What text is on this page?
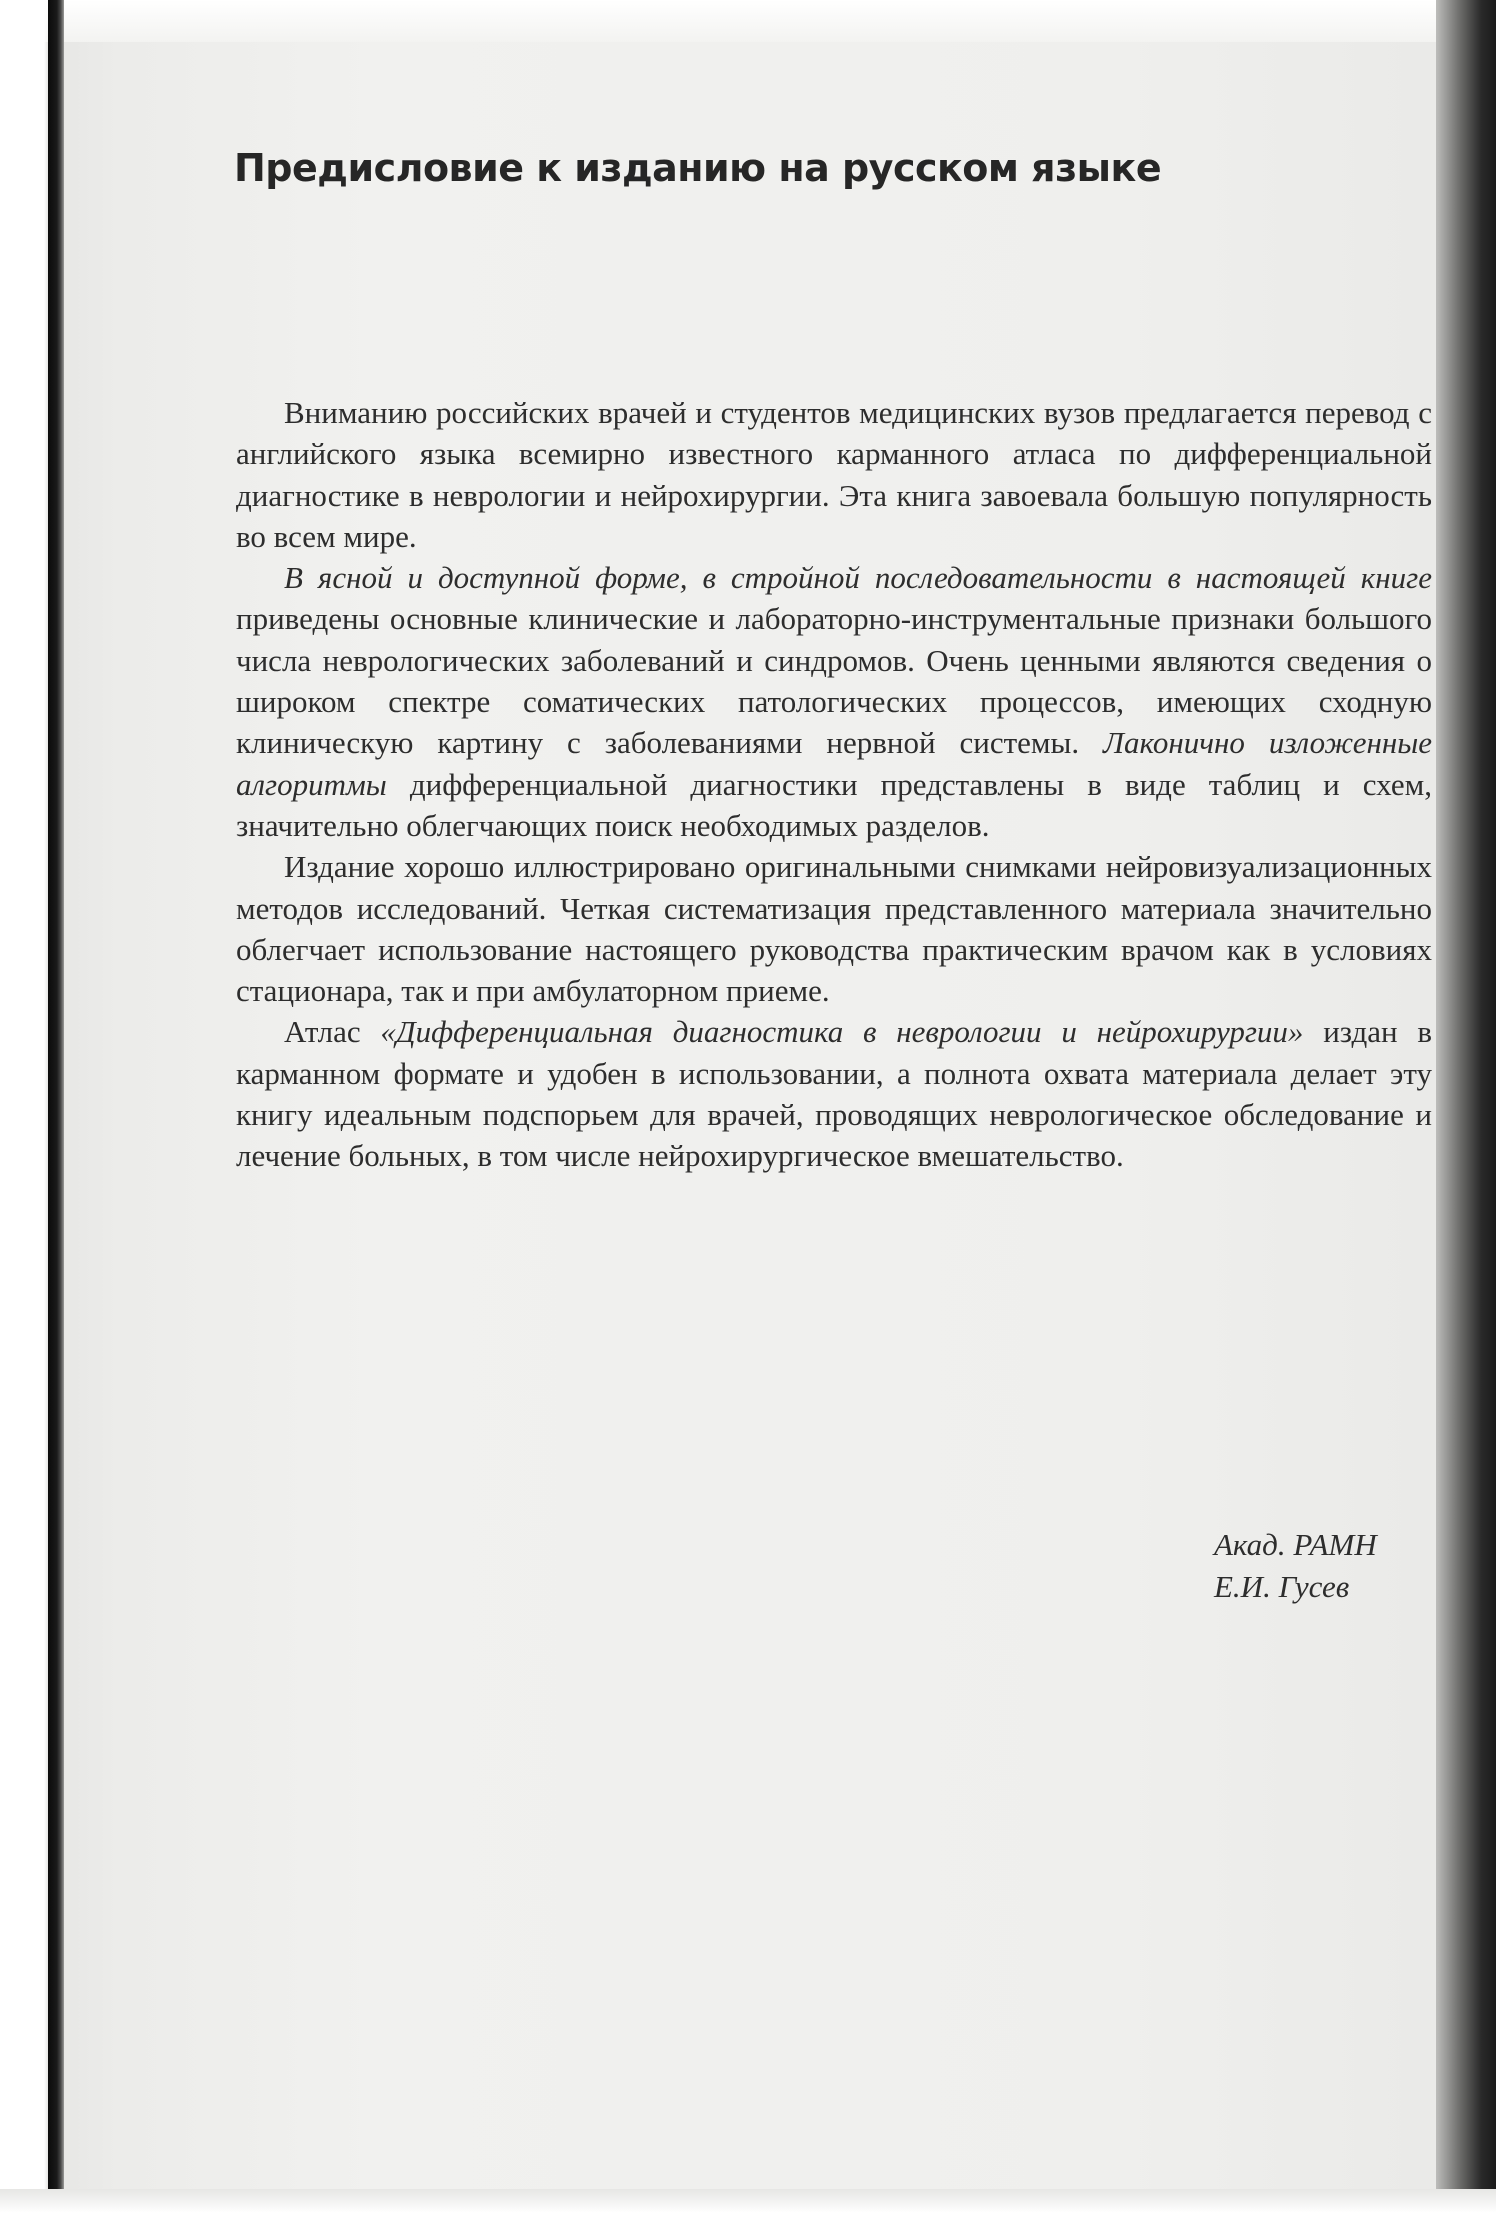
Предисловие к изданию на русском языке

Вниманию российских врачей и студентов медицинских вузов предлагается перевод с английского языка всемирно известного карманного атласа по дифференциальной диагностике в неврологии и нейрохирургии. Эта книга завоевала большую популярность во всем мире.

В ясной и доступной форме, в стройной последовательности в настоящей книге приведены основные клинические и лабораторно-инструментальные признаки большого числа неврологических заболеваний и синдромов. Очень ценными являются сведения о широком спектре соматических патологических процессов, имеющих сходную клиническую картину с заболеваниями нервной системы. Лаконично изложенные алгоритмы дифференциальной диагностики представлены в виде таблиц и схем, значительно облегчающих поиск необходимых разделов.

Издание хорошо иллюстрировано оригинальными снимками нейровизуализационных методов исследований. Четкая систематизация представленного материала значительно облегчает использование настоящего руководства практическим врачом как в условиях стационара, так и при амбулаторном приеме.

Атлас «Дифференциальная диагностика в неврологии и нейрохирургии» издан в карманном формате и удобен в использовании, а полнота охвата материала делает эту книгу идеальным подспорьем для врачей, проводящих неврологическое обследование и лечение больных, в том числе нейрохирургическое вмешательство.

Акад. РАМН
Е.И. Гусев
